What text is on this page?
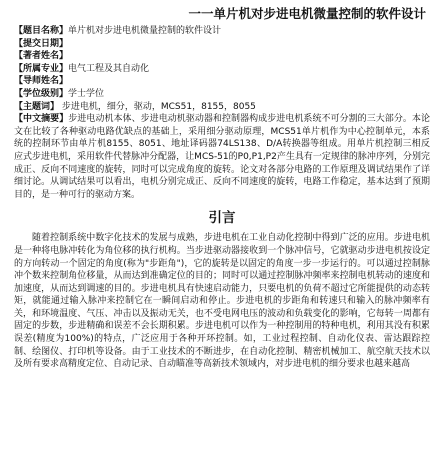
一一单片机对步进电机微量控制的软件设计
【题目名称】单片机对步进电机微量控制的软件设计
【提交日期】
【著者姓名】
【所属专业】电气工程及其自动化
【导师姓名】
【学位级别】学士学位
【主题词】 步进电机，细分，驱动，MCS51，8155，8055
【中文摘要】步进电动机本体、步进电动机驱动器和控制器构成步进电机系统不可分割的三大部分。本论文在比较了各种驱动电路优缺点的基础上，采用细分驱动原理，MCS51单片机作为中心控制单元，本系统的控制环节由单片机8155、8051、地址译码器74LS138、D/A转换器等组成。用单片机控制三相反应式步进电机，采用软件代替脉冲分配器，让MCS-51的P0,P1,P2产生具有一定规律的脉冲序列，分别完成正、反向不同速度的旋转，同时可以完成角度的旋转。论文对各部分电路的工作原理及调试结果作了详细讨论。从调试结果可以看出，电机分别完成正、反向不同速度的旋转，电路工作稳定，基本达到了预期目的，是一种可行的驱动方案。
引言

随着控制系统中数字化技术的发展与成熟，步进电机在工业自动化控制中得到广泛的应用。步进电机是一种将电脉冲转化为角位移的执行机构。当步进驱动器接收到一个脉冲信号，它就驱动步进电机按设定的方向转动一个固定的角度(称为"步距角")，它的旋转是以固定的角度一步一步运行的。可以通过控制脉冲个数来控制角位移量，从而达到准确定位的目的；同时可以通过控制脉冲频率来控制电机转动的速度和加速度，从而达到调速的目的。步进电机具有快速启动能力，只要电机的负荷不超过它所能提供的动态转矩，就能通过输入脉冲来控制它在一瞬间启动和停止。步进电机的步距角和转速只和输入的脉冲频率有关，和环境温度、气压、冲击以及振动无关，也不受电网电压的波动和负载变化的影响，它每转一周都有固定的步数，步进精确和误差不会长期积累。步进电机可以作为一种控制用的特种电机，利用其没有积累误差(精度为100%)的特点，广泛应用于各种开环控制。如，工业过程控制、自动化仪表、雷达跟踪控制、绘图仪、打印机等设备。由于工业技术的不断进步，在自动化控制、精密机械加工、航空航天技术以及所有要求高精度定位、自动记录、自动瞄准等高新技术领域内，对步进电机的细分要求也越来越高
